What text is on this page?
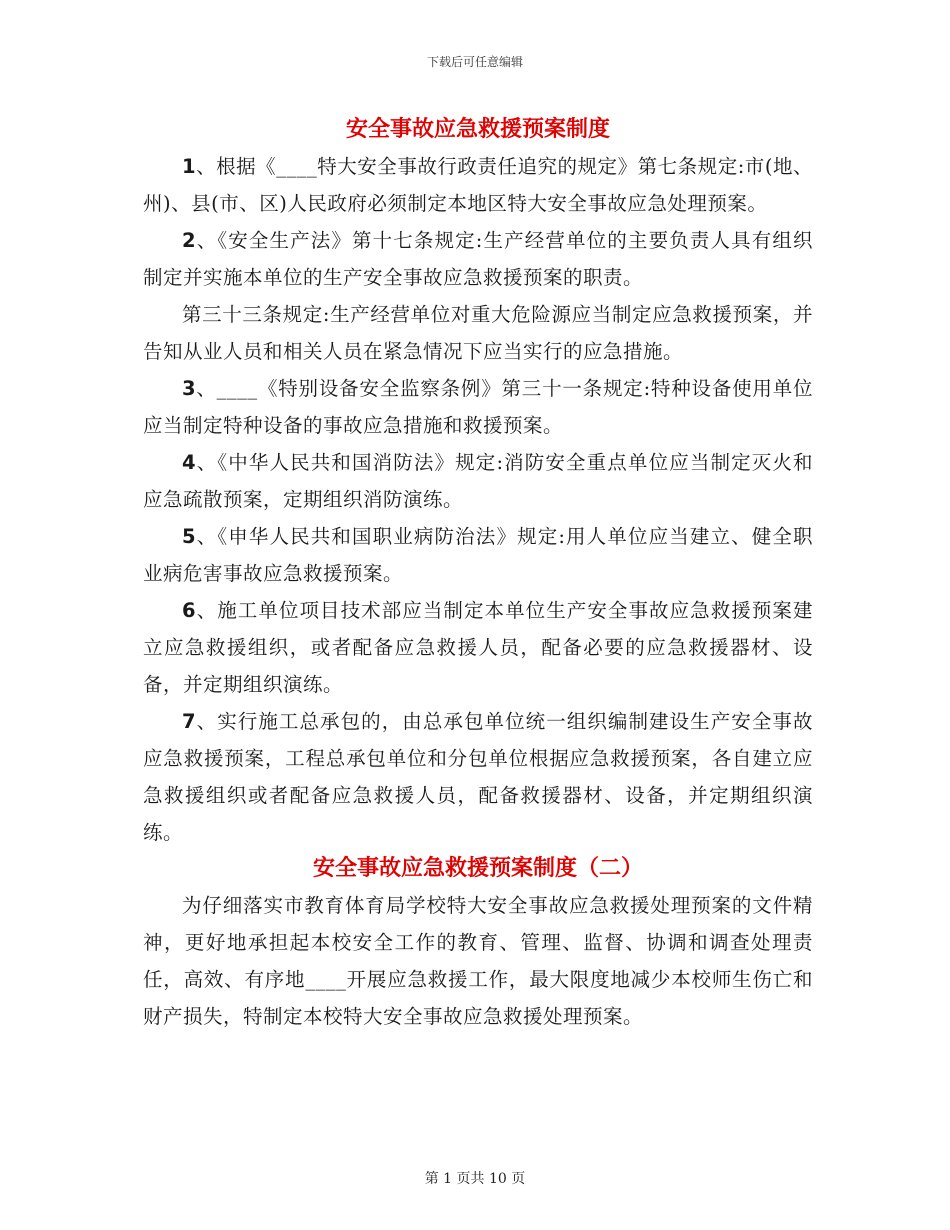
下载后可任意编辑
安全事故应急救援预案制度

1、根据《____特大安全事故行政责任追究的规定》第七条规定:市(地、州)、县(市、区)人民政府必须制定本地区特大安全事故应急处理预案。

2、《安全生产法》第十七条规定:生产经营单位的主要负责人具有组织制定并实施本单位的生产安全事故应急救援预案的职责。

第三十三条规定:生产经营单位对重大危险源应当制定应急救援预案，并告知从业人员和相关人员在紧急情况下应当实行的应急措施。

3、____《特别设备安全监察条例》第三十一条规定:特种设备使用单位应当制定特种设备的事故应急措施和救援预案。

4、《中华人民共和国消防法》规定:消防安全重点单位应当制定灭火和应急疏散预案，定期组织消防演练。

5、《申华人民共和国职业病防治法》规定:用人单位应当建立、健全职业病危害事故应急救援预案。

6、施工单位项目技术部应当制定本单位生产安全事故应急救援预案建立应急救援组织，或者配备应急救援人员，配备必要的应急救援器材、设备，并定期组织演练。

7、实行施工总承包的，由总承包单位统一组织编制建设生产安全事故应急救援预案，工程总承包单位和分包单位根据应急救援预案，各自建立应急救援组织或者配备应急救援人员，配备救援器材、设备，并定期组织演练。

安全事故应急救援预案制度（二）

为仔细落实市教育体育局学校特大安全事故应急救援处理预案的文件精神，更好地承担起本校安全工作的教育、管理、监督、协调和调查处理责任，高效、有序地____开展应急救援工作，最大限度地减少本校师生伤亡和财产损失，特制定本校特大安全事故应急救援处理预案。

第 1 页共 10 页
